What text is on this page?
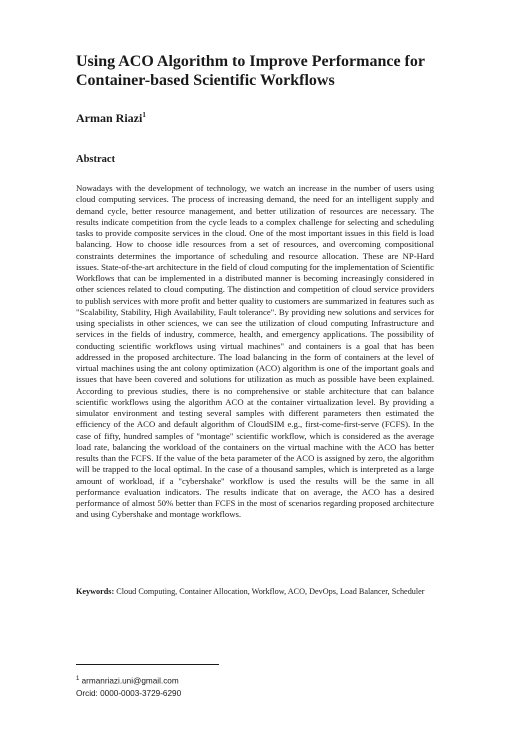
Using ACO Algorithm to Improve Performance for Container-based Scientific Workflows
Arman Riazi$^1$
Abstract

Nowadays with the development of technology, we watch an increase in the number of users using cloud computing services. The process of increasing demand, the need for an intelligent supply and demand cycle, better resource management, and better utilization of resources are necessary. The results indicate competition from the cycle leads to a complex challenge for selecting and scheduling tasks to provide composite services in the cloud. One of the most important issues in this field is load balancing. How to choose idle resources from a set of resources, and overcoming compositional constraints determines the importance of scheduling and resource allocation. These are NP-Hard issues. State-of-the-art architecture in the field of cloud computing for the implementation of Scientific Workflows that can be implemented in a distributed manner is becoming increasingly considered in other sciences related to cloud computing. The distinction and competition of cloud service providers to publish services with more profit and better quality to customers are summarized in features such as "Scalability, Stability, High Availability, Fault tolerance". By providing new solutions and services for using specialists in other sciences, we can see the utilization of cloud computing Infrastructure and services in the fields of industry, commerce, health, and emergency applications. The possibility of conducting scientific workflows using virtual machines" and containers is a goal that has been addressed in the proposed architecture. The load balancing in the form of containers at the level of virtual machines using the ant colony optimization (ACO) algorithm is one of the important goals and issues that have been covered and solutions for utilization as much as possible have been explained. According to previous studies, there is no comprehensive or stable architecture that can balance scientific workflows using the algorithm ACO at the container virtualization level. By providing a simulator environment and testing several samples with different parameters then estimated the efficiency of the ACO and default algorithm of CloudSIM e.g., first-come-first-serve (FCFS). In the case of fifty, hundred samples of "montage" scientific workflow, which is considered as the average load rate, balancing the workload of the containers on the virtual machine with the ACO has better results than the FCFS. If the value of the beta parameter of the ACO is assigned by zero, the algorithm will be trapped to the local optimal. In the case of a thousand samples, which is interpreted as a large amount of workload, if a "cybershake" workflow is used the results will be the same in all performance evaluation indicators. The results indicate that on average, the ACO has a desired performance of almost 50% better than FCFS in the most of scenarios regarding proposed architecture and using Cybershake and montage workflows.

Keywords: Cloud Computing, Container Allocation, Workflow, ACO, DevOps, Load Balancer, Scheduler

$^1$ armanriazi.uni@gmail.com
Orcid: 0000-0003-3729-6290
